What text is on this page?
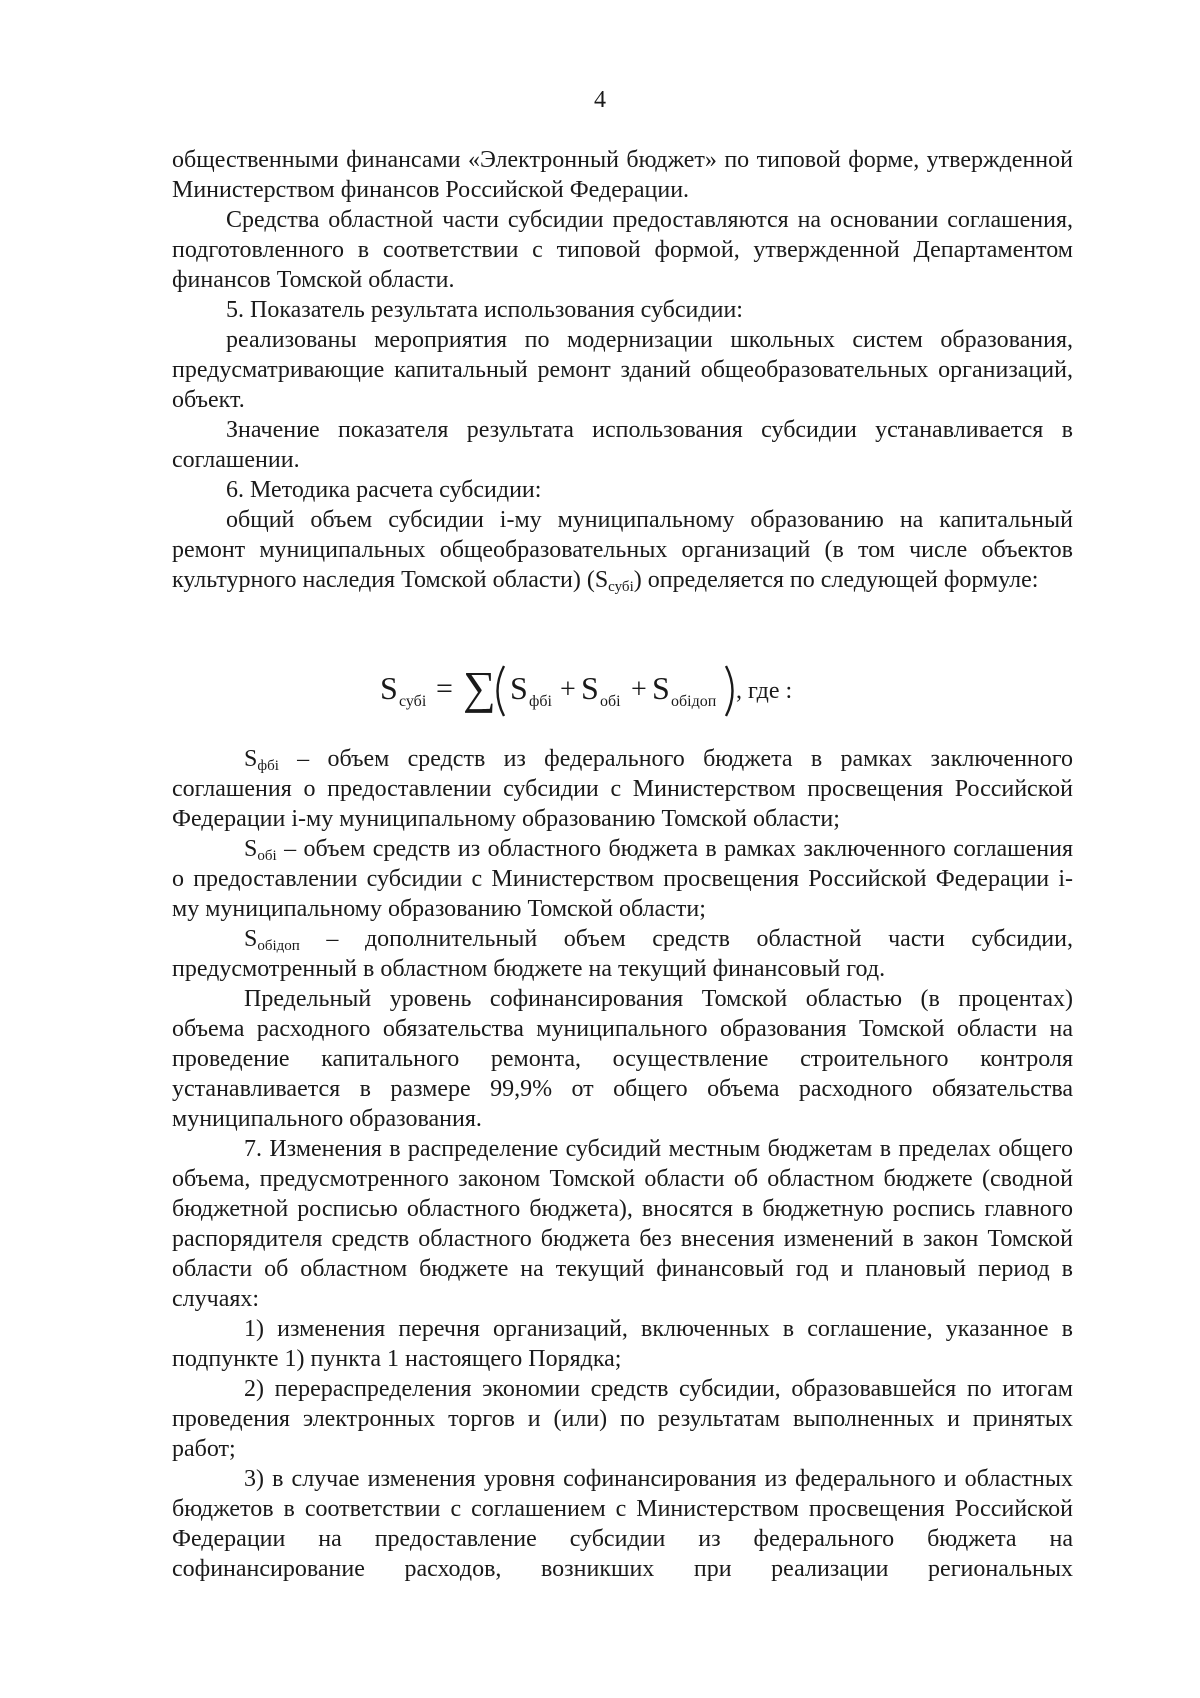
4

общественными финансами «Электронный бюджет» по типовой форме, утвержденной Министерством финансов Российской Федерации.

Средства областной части субсидии предоставляются на основании соглашения, подготовленного в соответствии с типовой формой, утвержденной Департаментом финансов Томской области.

5. Показатель результата использования субсидии:

реализованы мероприятия по модернизации школьных систем образования, предусматривающие капитальный ремонт зданий общеобразовательных организаций, объект.

Значение показателя результата использования субсидии устанавливается в соглашении.

6. Методика расчета субсидии:

общий объем субсидии i-му муниципальному образованию на капитальный ремонт муниципальных общеобразовательных организаций (в том числе объектов культурного наследия Томской области) $(S_{субі})$ определяется по следующей формуле:

S субi = ∑ S фбi + S обi + S обiдоп , где :

$S_{фбі}$ – объем средств из федерального бюджета в рамках заключенного соглашения о предоставлении субсидии с Министерством просвещения Российской Федерации і-му муниципальному образованию Томской области;

$S_{обі}$ – объем средств из областного бюджета в рамках заключенного соглашения о предоставлении субсидии с Министерством просвещения Российской Федерации і-му муниципальному образованию Томской области;

$S_{обідоп}$ – дополнительный объем средств областной части субсидии, предусмотренный в областном бюджете на текущий финансовый год.

Предельный уровень софинансирования Томской областью (в процентах) объема расходного обязательства муниципального образования Томской области на проведение капитального ремонта, осуществление строительного контроля устанавливается в размере 99,9% от общего объема расходного обязательства муниципального образования.

7. Изменения в распределение субсидий местным бюджетам в пределах общего объема, предусмотренного законом Томской области об областном бюджете (сводной бюджетной росписью областного бюджета), вносятся в бюджетную роспись главного распорядителя средств областного бюджета без внесения изменений в закон Томской области об областном бюджете на текущий финансовый год и плановый период в случаях:

1) изменения перечня организаций, включенных в соглашение, указанное в подпункте 1) пункта 1 настоящего Порядка;

2) перераспределения экономии средств субсидии, образовавшейся по итогам проведения электронных торгов и (или) по результатам выполненных и принятых работ;

3) в случае изменения уровня софинансирования из федерального и областных бюджетов в соответствии с соглашением с Министерством просвещения Российской Федерации на предоставление субсидии из федерального бюджета на софинансирование расходов, возникших при реализации региональных
